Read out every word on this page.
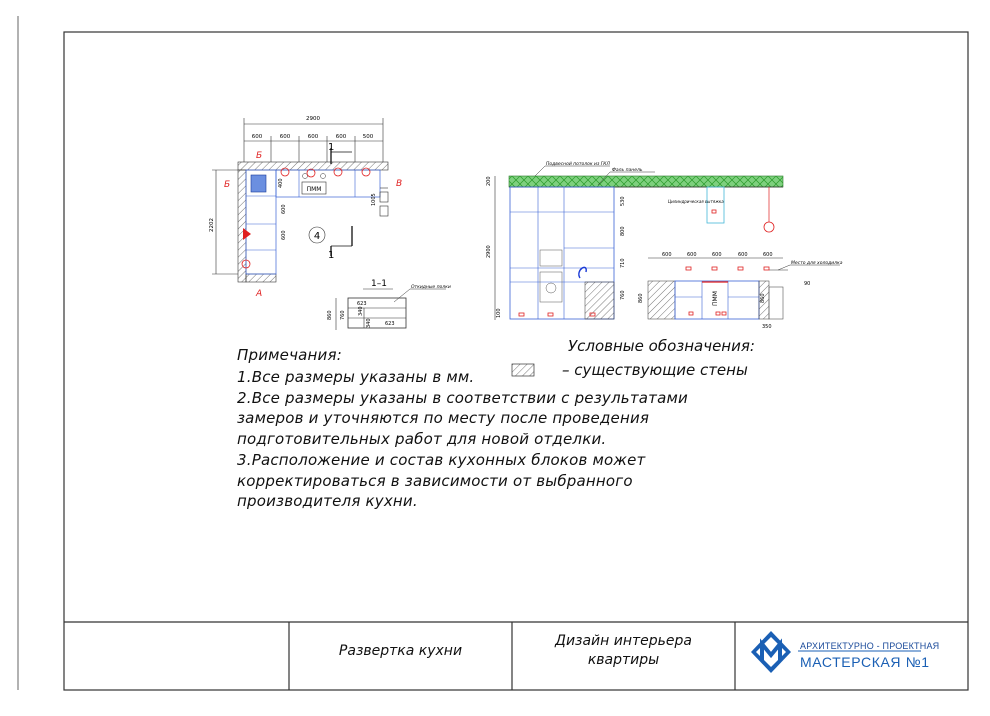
2900
600	600	600	600	500
2202
ПММ
400
600
600
1005
1
1
4
Б
Б	В
А
1–1
623
623
340
340
760
860
Откидные полки
Подвесной потолок из ГКЛ
Фаль панель
Цилиндрическая вытяжка
200
2900
100
530
800
710
760
600	600	600	600	600
ПММ
Место для холодилка
90
860	860
350
Примечания:
1.Все размеры указаны в мм.
2.Все размеры указаны в соответствии с результатами
замеров и уточняются по месту после проведения
подготовительных работ для новой отделки.
3.Расположение и состав кухонных блоков может
корректироваться в зависимости от выбранного
производителя кухни.
Условные обозначения:
– существующие стены
Развертка кухни
Дизайн интерьера
квартиры
АРХИТЕКТУРНО - ПРОЕКТНАЯ
МАСТЕРСКАЯ №1
